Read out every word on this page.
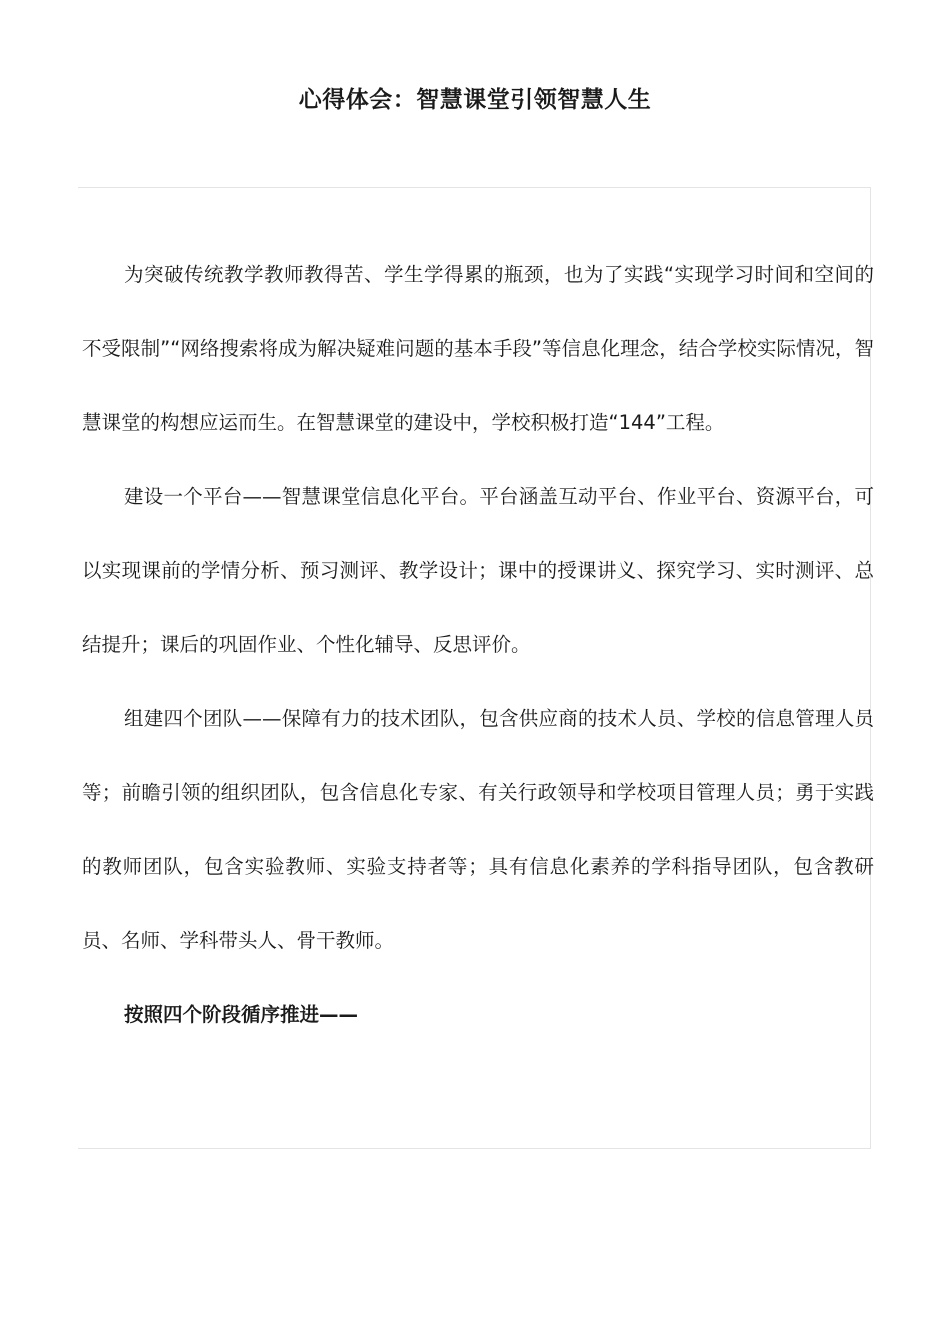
心得体会：智慧课堂引领智慧人生

为突破传统教学教师教得苦、学生学得累的瓶颈，也为了实践“实现学习时间和空间的不受限制”“网络搜索将成为解决疑难问题的基本手段”等信息化理念，结合学校实际情况，智慧课堂的构想应运而生。在智慧课堂的建设中，学校积极打造“144”工程。

建设一个平台——智慧课堂信息化平台。平台涵盖互动平台、作业平台、资源平台，可以实现课前的学情分析、预习测评、教学设计；课中的授课讲义、探究学习、实时测评、总结提升；课后的巩固作业、个性化辅导、反思评价。

组建四个团队——保障有力的技术团队，包含供应商的技术人员、学校的信息管理人员等；前瞻引领的组织团队，包含信息化专家、有关行政领导和学校项目管理人员；勇于实践的教师团队，包含实验教师、实验支持者等；具有信息化素养的学科指导团队，包含教研员、名师、学科带头人、骨干教师。

按照四个阶段循序推进——
